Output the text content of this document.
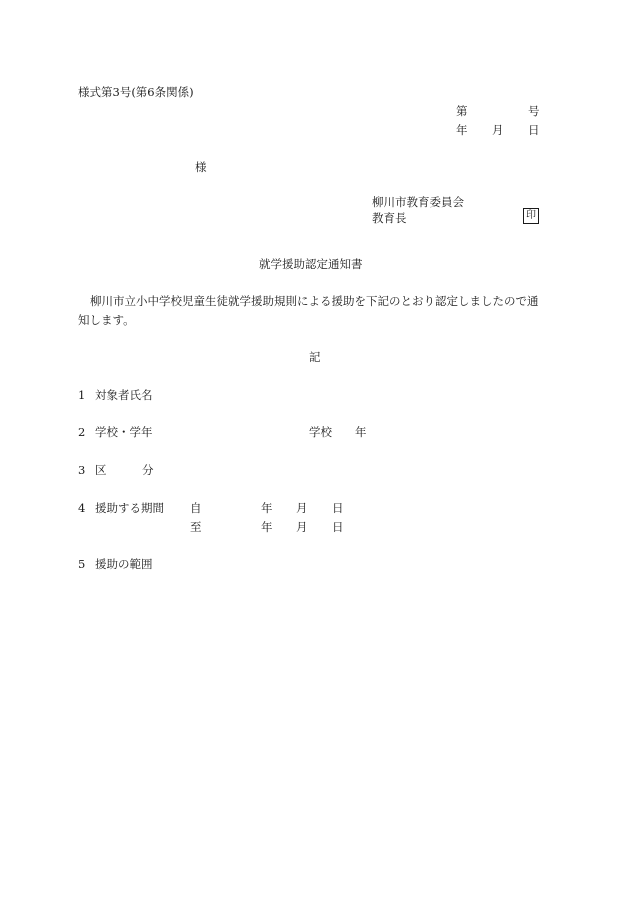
様式第3号(第6条関係)
第	号
年 月 日
様
柳川市教育委員会
教育長	印
就学援助認定通知書
柳川市立小中学校児童生徒就学援助規則による援助を下記のとおり認定しましたので通
知します。
記
1 対象者氏名
2 学校・学年	学校 年
3 区	分
4 援助する期間 自	年 月 日
至	年 月 日
5 援助の範囲
